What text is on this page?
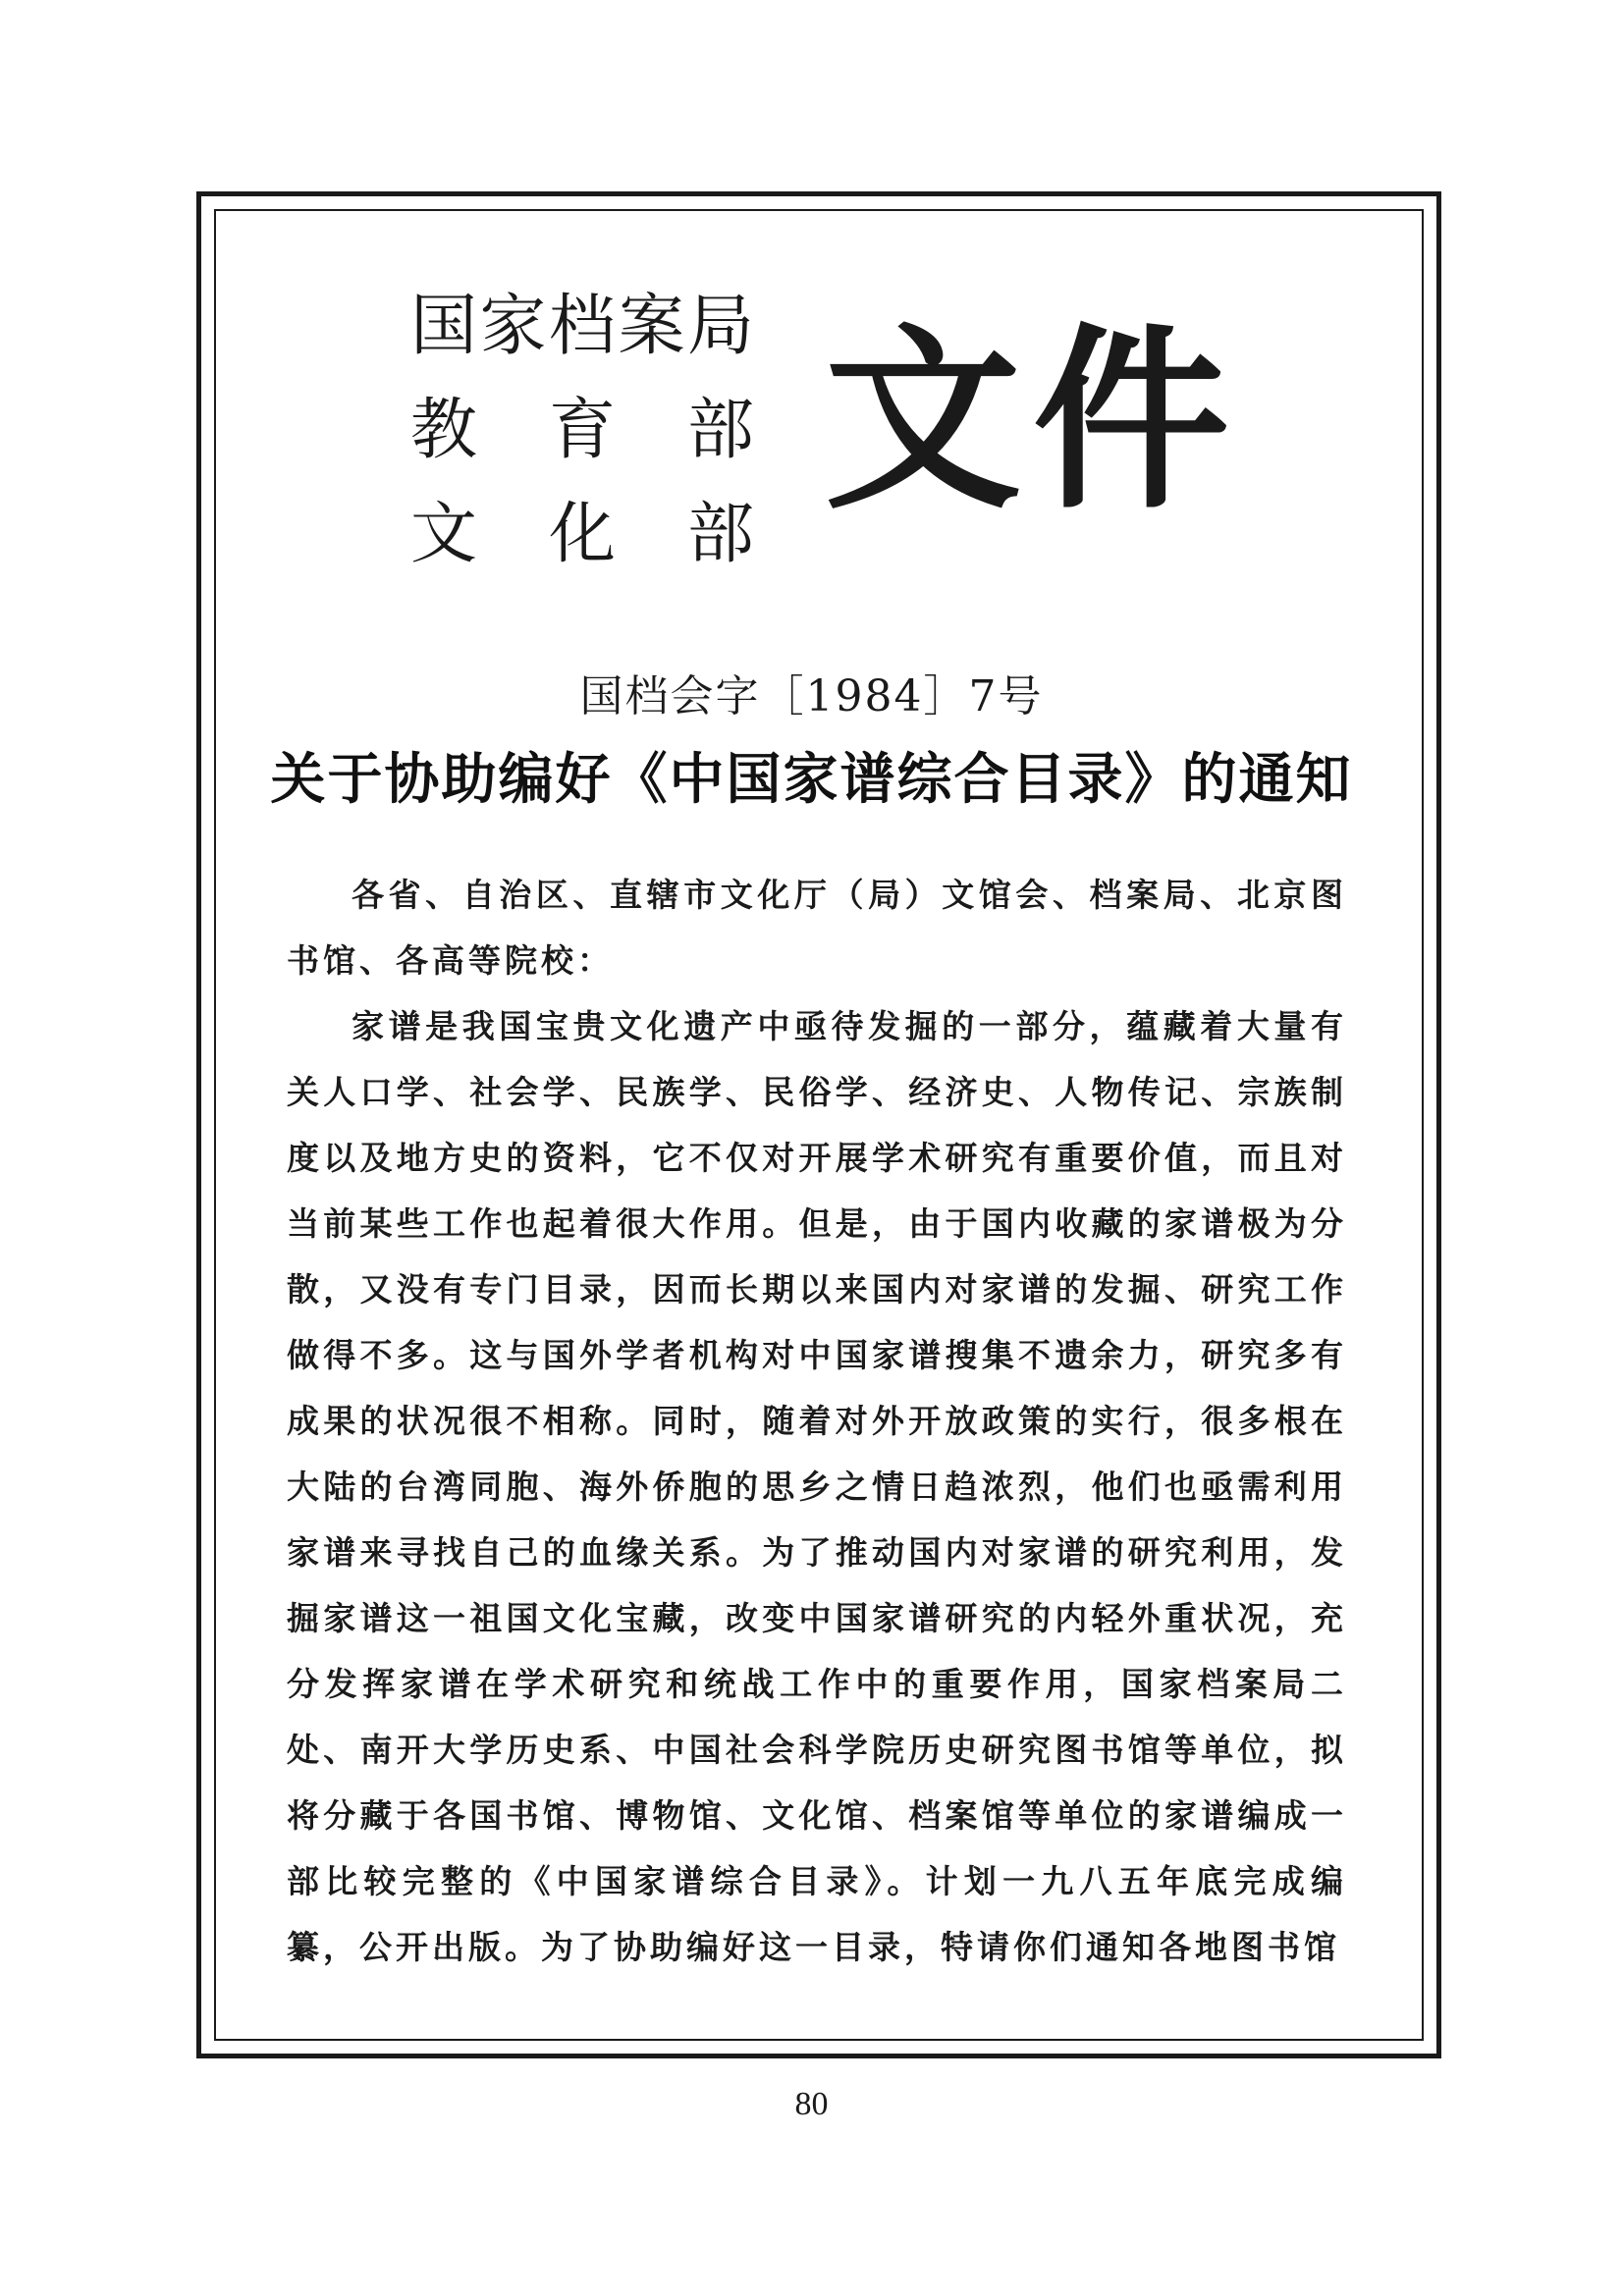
国家档案局
教育部
文化部 文件
国档会字［1984］7号
关于协助编好《中国家谱综合目录》的通知

各省、自治区、直辖市文化厅（局）文馆会、档案局、北京图书馆、各高等院校：

家谱是我国宝贵文化遗产中亟待发掘的一部分，蕴藏着大量有关人口学、社会学、民族学、民俗学、经济史、人物传记、宗族制度以及地方史的资料，它不仅对开展学术研究有重要价值，而且对当前某些工作也起着很大作用。但是，由于国内收藏的家谱极为分散，又没有专门目录，因而长期以来国内对家谱的发掘、研究工作做得不多。这与国外学者机构对中国家谱搜集不遗余力，研究多有成果的状况很不相称。同时，随着对外开放政策的实行，很多根在大陆的台湾同胞、海外侨胞的思乡之情日趋浓烈，他们也亟需利用家谱来寻找自己的血缘关系。为了推动国内对家谱的研究利用，发掘家谱这一祖国文化宝藏，改变中国家谱研究的内轻外重状况，充分发挥家谱在学术研究和统战工作中的重要作用，国家档案局二处、南开大学历史系、中国社会科学院历史研究图书馆等单位，拟将分藏于各国书馆、博物馆、文化馆、档案馆等单位的家谱编成一部比较完整的《中国家谱综合目录》。计划一九八五年底完成编纂，公开出版。为了协助编好这一目录，特请你们通知各地图书馆

80
